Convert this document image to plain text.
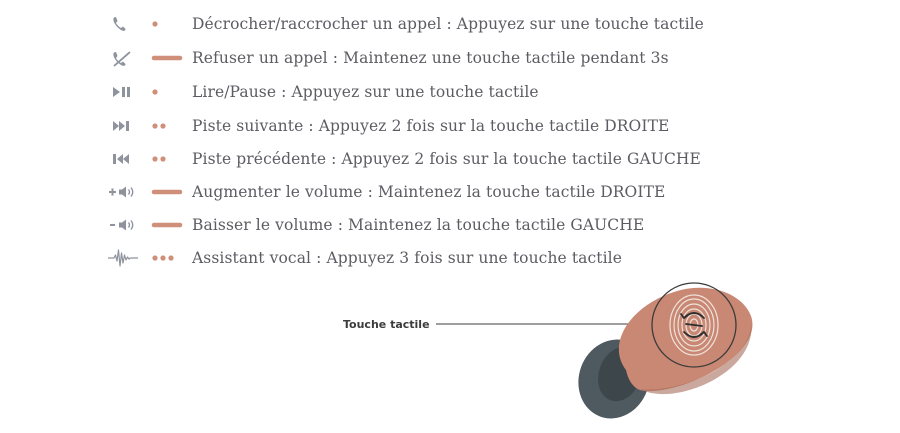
Décrocher/raccrocher un appel : Appuyez sur une touche tactile
Refuser un appel : Maintenez une touche tactile pendant 3s
Lire/Pause : Appuyez sur une touche tactile
Piste suivante : Appuyez 2 fois sur la touche tactile DROITE
Piste précédente : Appuyez 2 fois sur la touche tactile GAUCHE
Augmenter le volume : Maintenez la touche tactile DROITE
Baisser le volume : Maintenez la touche tactile GAUCHE
Assistant vocal : Appuyez 3 fois sur une touche tactile
Touche tactile
